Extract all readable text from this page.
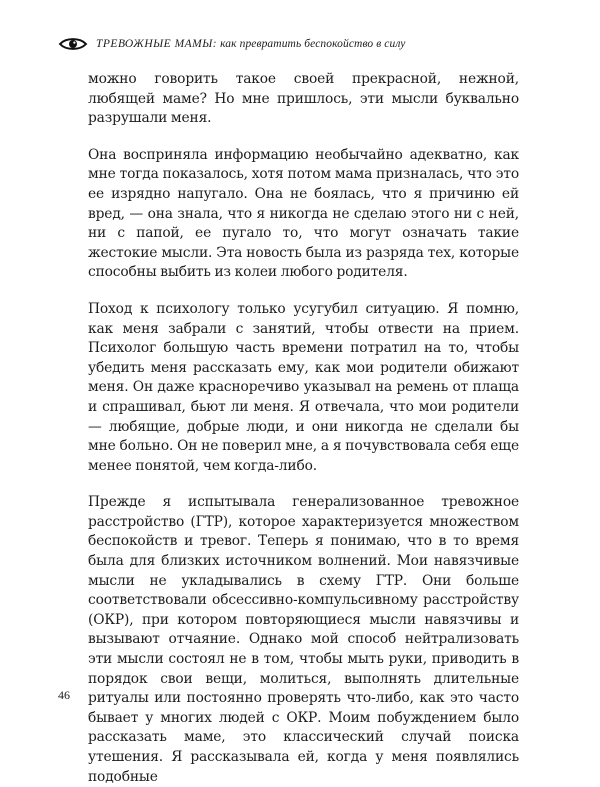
ТРЕВОЖНЫЕ МАМЫ: как превратить беспокойство в силу

можно говорить такое своей прекрасной, нежной, любящей маме? Но мне пришлось, эти мысли буквально разрушали меня.

Она восприняла информацию необычайно адекватно, как мне тогда показалось, хотя потом мама призналась, что это ее изрядно напугало. Она не боялась, что я причиню ей вред, — она знала, что я никогда не сделаю этого ни с ней, ни с папой, ее пугало то, что могут означать такие жестокие мысли. Эта новость была из разряда тех, которые способны выбить из колеи любого родителя.

Поход к психологу только усугубил ситуацию. Я помню, как меня забрали с занятий, чтобы отвести на прием. Психолог большую часть времени потратил на то, чтобы убедить меня рассказать ему, как мои родители обижают меня. Он даже красноречиво указывал на ремень от плаща и спрашивал, бьют ли меня. Я отвечала, что мои родители — любящие, добрые люди, и они никогда не сделали бы мне больно. Он не поверил мне, а я почувствовала себя еще менее понятой, чем когда-либо.

Прежде я испытывала генерализованное тревожное расстройство (ГТР), которое характеризуется множеством беспокойств и тревог. Теперь я понимаю, что в то время была для близких источником волнений. Мои навязчивые мысли не укладывались в схему ГТР. Они больше соответствовали обсессивно-компульсивному расстройству (ОКР), при котором повторяющиеся мысли навязчивы и вызывают отчаяние. Однако мой способ нейтрализовать эти мысли состоял не в том, чтобы мыть руки, приводить в порядок свои вещи, молиться, выполнять длительные ритуалы или постоянно проверять что-либо, как это часто бывает у многих людей с ОКР. Моим побуждением было рассказать маме, это классический случай поиска утешения. Я рассказывала ей, когда у меня появлялись подобные

46
